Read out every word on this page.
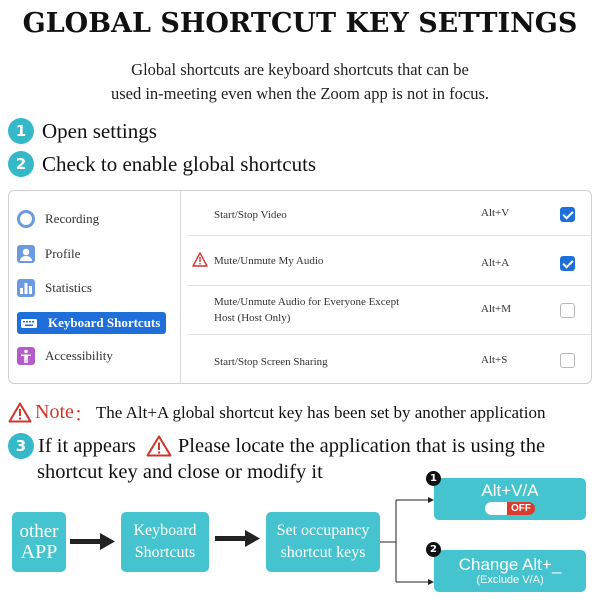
GLOBAL SHORTCUT KEY SETTINGS
Global shortcuts are keyboard shortcuts that can be
used in-meeting even when the Zoom app is not in focus.
1 Open settings
2 Check to enable global shortcuts
Recording
Profile
Statistics
Keyboard Shortcuts
Accessibility
Start/Stop Video	Alt+V
Mute/Unmute My Audio	Alt+A
Mute/Unmute Audio for Everyone Except
Host (Host Only)
Alt+M
Start/Stop Screen Sharing	Alt+S
Note ： The Alt+A global shortcut key has been set by another application
3 If it appears Please locate the application that is using the
shortcut key and close or modify it
other
APP
Keyboard
Shortcuts
Set occupancy
shortcut keys
Alt+V/A
OFF
1
Change Alt+_
(Exclude V/A)
2
